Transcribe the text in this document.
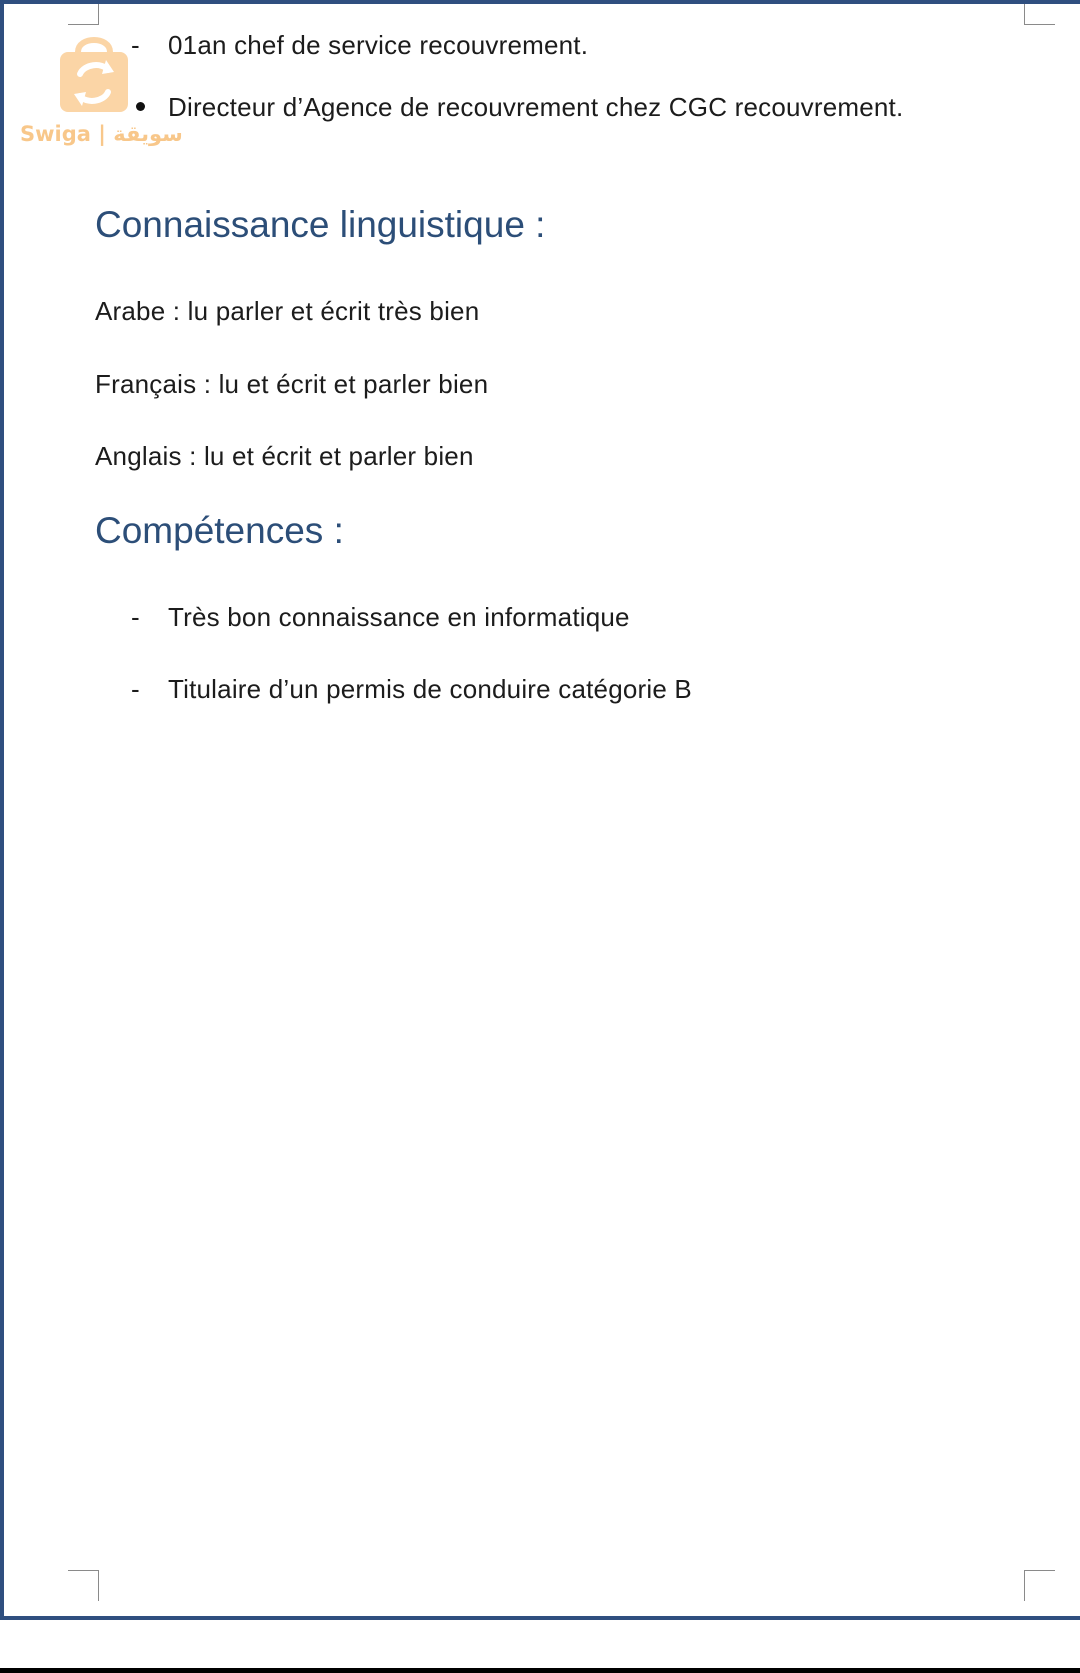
Swiga | سويقة
- 01an chef de service recouvrement.
Directeur d’Agence de recouvrement chez CGC recouvrement.
Connaissance linguistique :
Arabe : lu parler et écrit très bien
Français : lu et écrit et parler bien
Anglais : lu et écrit et parler bien
Compétences :
- Très bon connaissance en informatique
- Titulaire d’un permis de conduire catégorie B
